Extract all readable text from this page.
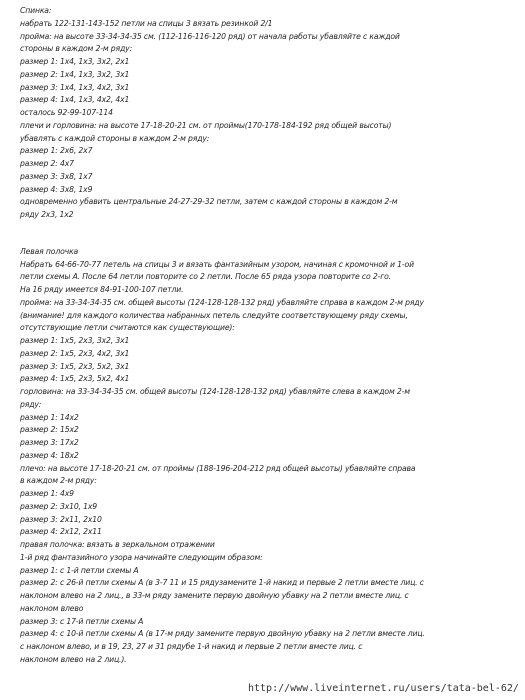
Спинка:
набрать 122-131-143-152 петли на спицы 3 вязать резинкой 2/1
пройма: на высоте 33-34-34-35 см. (112-116-116-120 ряд) от начала работы убавляйте с каждой
стороны в каждом 2-м ряду:
размер 1: 1х4, 1х3, 3х2, 2х1
размер 2: 1х4, 1х3, 3х2, 3х1
размер 3: 1х4, 1х3, 4х2, 3х1
размер 4: 1х4, 1х3, 4х2, 4х1
осталось 92-99-107-114
плечи и горловина: на высоте 17-18-20-21 см. от проймы(170-178-184-192 ряд общей высоты)
убавлять с каждой стороны в каждом 2-м ряду:
размер 1: 2х6, 2х7
размер 2: 4х7
размер 3: 3х8, 1х7
размер 4: 3х8, 1х9
одновременно убавить центральные 24-27-29-32 петли, затем с каждой стороны в каждом 2-м
ряду 2х3, 1х2
Левая полочка
Набрать 64-66-70-77 петель на спицы 3 и вязать фантазийным узором, начиная с кромочной и 1-ой
петли схемы А. После 64 петли повторите со 2 петли. После 65 ряда узора повторите со 2-го.
На 16 ряду имеется 84-91-100-107 петли.
пройма: на 33-34-34-35 см. общей высоты (124-128-128-132 ряд) убавляйте справа в каждом 2-м ряду
(внимание! для каждого количества набранных петель следуйте соответствующему ряду схемы,
отсутствующие петли считаются как существующие):
размер 1: 1х5, 2х3, 3х2, 3х1
размер 2: 1х5, 2х3, 4х2, 3х1
размер 3: 1х5, 2х3, 5х2, 3х1
размер 4: 1х5, 2х3, 5х2, 4х1
горловина: на 33-34-34-35 см. общей высоты (124-128-128-132 ряд) убавляйте слева в каждом 2-м
ряду:
размер 1: 14х2
размер 2: 15х2
размер 3: 17х2
размер 4: 18х2
плечо: на высоте 17-18-20-21 см. от проймы (188-196-204-212 ряд общей высоты) убавляйте справа
в каждом 2-м ряду:
размер 1: 4х9
размер 2: 3х10, 1х9
размер 3: 2х11, 2х10
размер 4: 2х12, 2х11
правая полочка: вязать в зеркальном отражении
1-й ряд фантазийного узора начинайте следующим образом:
размер 1: с 1-й петли схемы А
размер 2: с 26-й петли схемы А (в 3-7 11 и 15 рядузамените 1-й накид и первые 2 петли вместе лиц. с
наклоном влево на 2 лиц., в 33-м ряду замените первую двойную убавку на 2 петли вместе лиц. с
наклоном влево
размер 3: с 17-й петли схемы А
размер 4: с 10-й петли схемы А (в 17-м ряду замените первую двойную убавку на 2 петли вместе лиц.
с наклоном влево, и в 19, 23, 27 и 31 рядубе 1-й накид и первые 2 петли вместе лиц. с
наклоном влево на 2 лиц.).
http://www.liveinternet.ru/users/tata-bel-62/
